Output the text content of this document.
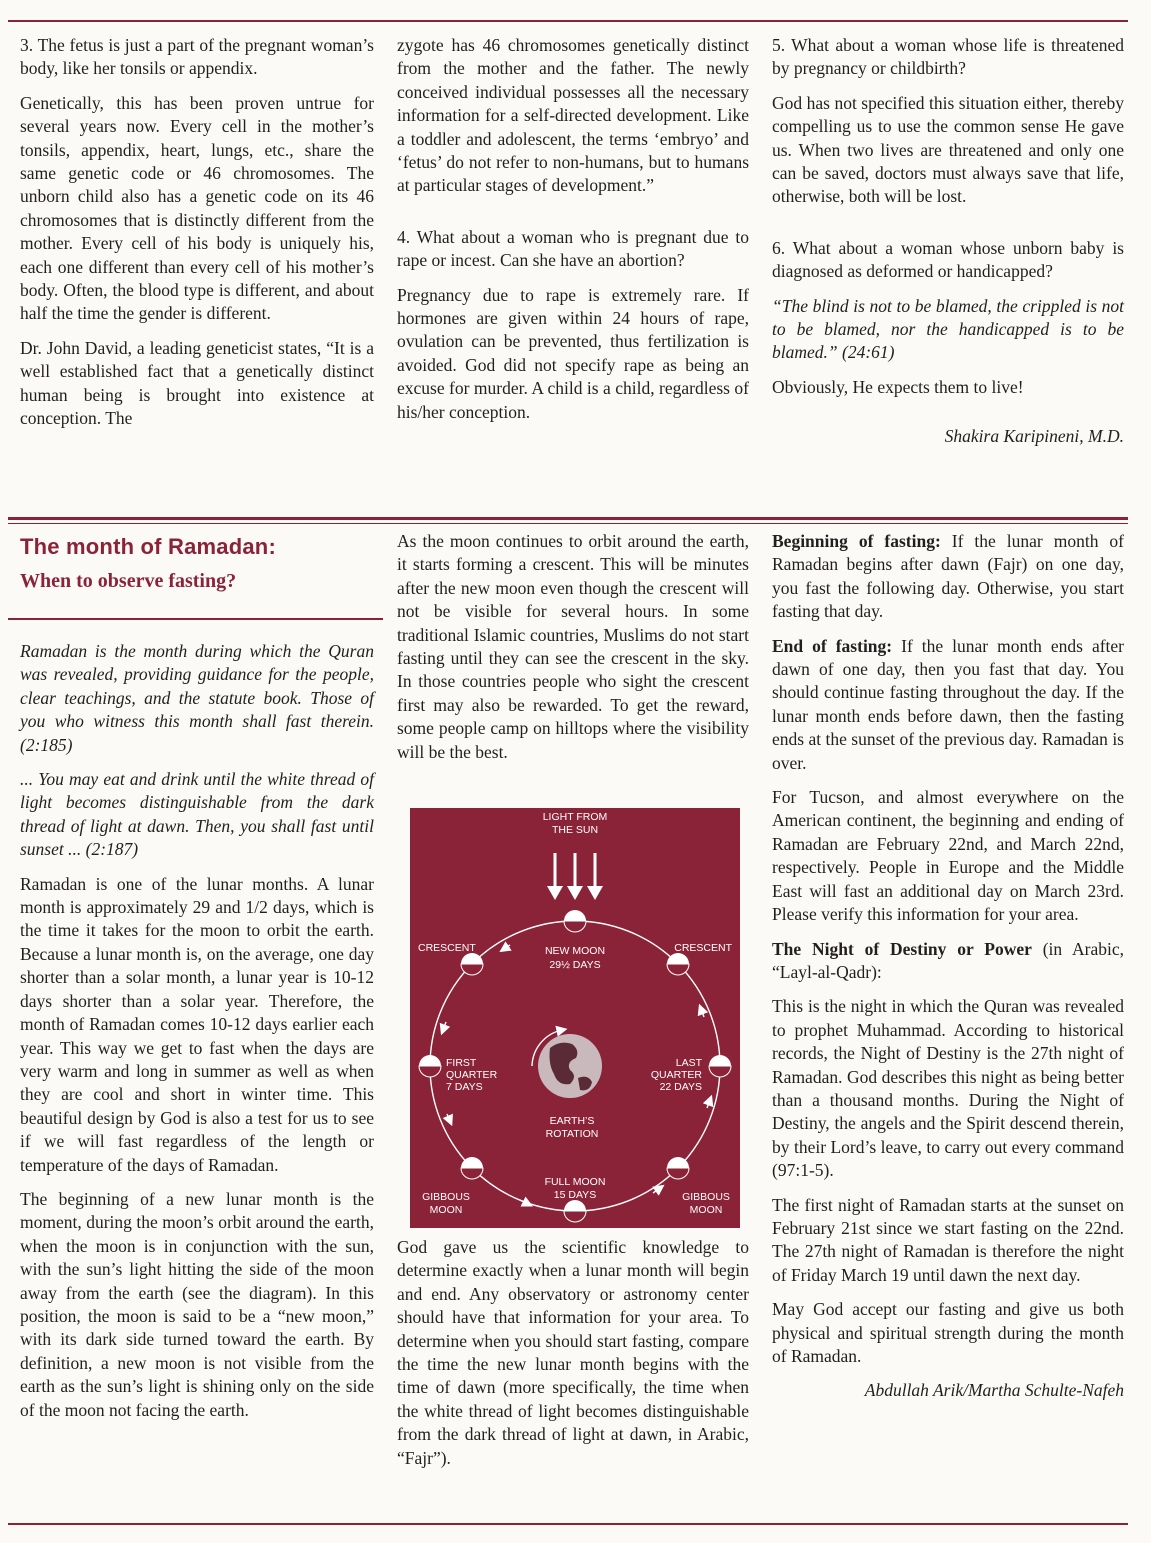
3. The fetus is just a part of the pregnant woman’s body, like her tonsils or appendix.

Genetically, this has been proven untrue for several years now. Every cell in the mother’s tonsils, appendix, heart, lungs, etc., share the same genetic code or 46 chromosomes. The unborn child also has a genetic code on its 46 chromosomes that is distinctly different from the mother. Every cell of his body is uniquely his, each one different than every cell of his mother’s body. Often, the blood type is different, and about half the time the gender is different.

Dr. John David, a leading geneticist states, “It is a well established fact that a genetically distinct human being is brought into existence at conception. The

zygote has 46 chromosomes genetically distinct from the mother and the father. The newly conceived individual possesses all the necessary information for a self-directed development. Like a toddler and adolescent, the terms ‘embryo’ and ‘fetus’ do not refer to non-humans, but to humans at particular stages of development.”

4. What about a woman who is pregnant due to rape or incest. Can she have an abortion?

Pregnancy due to rape is extremely rare. If hormones are given within 24 hours of rape, ovulation can be prevented, thus fertilization is avoided. God did not specify rape as being an excuse for murder. A child is a child, regardless of his/her conception.

5. What about a woman whose life is threatened by pregnancy or childbirth?

God has not specified this situation either, thereby compelling us to use the common sense He gave us. When two lives are threatened and only one can be saved, doctors must always save that life, otherwise, both will be lost.

6. What about a woman whose unborn baby is diagnosed as deformed or handicapped?

“The blind is not to be blamed, the crippled is not to be blamed, nor the handicapped is to be blamed.” (24:61)

Obviously, He expects them to live!

Shakira Karipineni, M.D.

The month of Ramadan:
When to observe fasting?

Ramadan is the month during which the Quran was revealed, providing guidance for the people, clear teachings, and the statute book. Those of you who witness this month shall fast therein. (2:185)

... You may eat and drink until the white thread of light becomes distinguishable from the dark thread of light at dawn. Then, you shall fast until sunset ... (2:187)

Ramadan is one of the lunar months. A lunar month is approximately 29 and 1/2 days, which is the time it takes for the moon to orbit the earth. Because a lunar month is, on the average, one day shorter than a solar month, a lunar year is 10-12 days shorter than a solar year. Therefore, the month of Ramadan comes 10-12 days earlier each year. This way we get to fast when the days are very warm and long in summer as well as when they are cool and short in winter time. This beautiful design by God is also a test for us to see if we will fast regardless of the length or temperature of the days of Ramadan.

The beginning of a new lunar month is the moment, during the moon’s orbit around the earth, when the moon is in conjunction with the sun, with the sun’s light hitting the side of the moon away from the earth (see the diagram). In this position, the moon is said to be a “new moon,” with its dark side turned toward the earth. By definition, a new moon is not visible from the earth as the sun’s light is shining only on the side of the moon not facing the earth.

As the moon continues to orbit around the earth, it starts forming a crescent. This will be minutes after the new moon even though the crescent will not be visible for several hours. In some traditional Islamic countries, Muslims do not start fasting until they can see the crescent in the sky. In those countries people who sight the crescent first may also be rewarded. To get the reward, some people camp on hilltops where the visibility will be the best.

LIGHT FROM
THE SUN
NEW MOON
29½ DAYS
CRESCENT	CRESCENT
FIRST
QUARTER
7 DAYS
LAST
QUARTER
22 DAYS
EARTH’S
ROTATION
FULL MOON
15 DAYS
GIBBOUS
MOON
GIBBOUS
MOON

God gave us the scientific knowledge to determine exactly when a lunar month will begin and end. Any observatory or astronomy center should have that information for your area. To determine when you should start fasting, compare the time the new lunar month begins with the time of dawn (more specifically, the time when the white thread of light becomes distinguishable from the dark thread of light at dawn, in Arabic, “Fajr”).

Beginning of fasting: If the lunar month of Ramadan begins after dawn (Fajr) on one day, you fast the following day. Otherwise, you start fasting that day.

End of fasting: If the lunar month ends after dawn of one day, then you fast that day. You should continue fasting throughout the day. If the lunar month ends before dawn, then the fasting ends at the sunset of the previous day. Ramadan is over.

For Tucson, and almost everywhere on the American continent, the beginning and ending of Ramadan are February 22nd, and March 22nd, respectively. People in Europe and the Middle East will fast an additional day on March 23rd. Please verify this information for your area.

The Night of Destiny or Power (in Arabic, “Layl-al-Qadr):

This is the night in which the Quran was revealed to prophet Muhammad. According to historical records, the Night of Destiny is the 27th night of Ramadan. God describes this night as being better than a thousand months. During the Night of Destiny, the angels and the Spirit descend therein, by their Lord’s leave, to carry out every command (97:1-5).

The first night of Ramadan starts at the sunset on February 21st since we start fasting on the 22nd. The 27th night of Ramadan is therefore the night of Friday March 19 until dawn the next day.

May God accept our fasting and give us both physical and spiritual strength during the month of Ramadan.

Abdullah Arik/Martha Schulte-Nafeh
